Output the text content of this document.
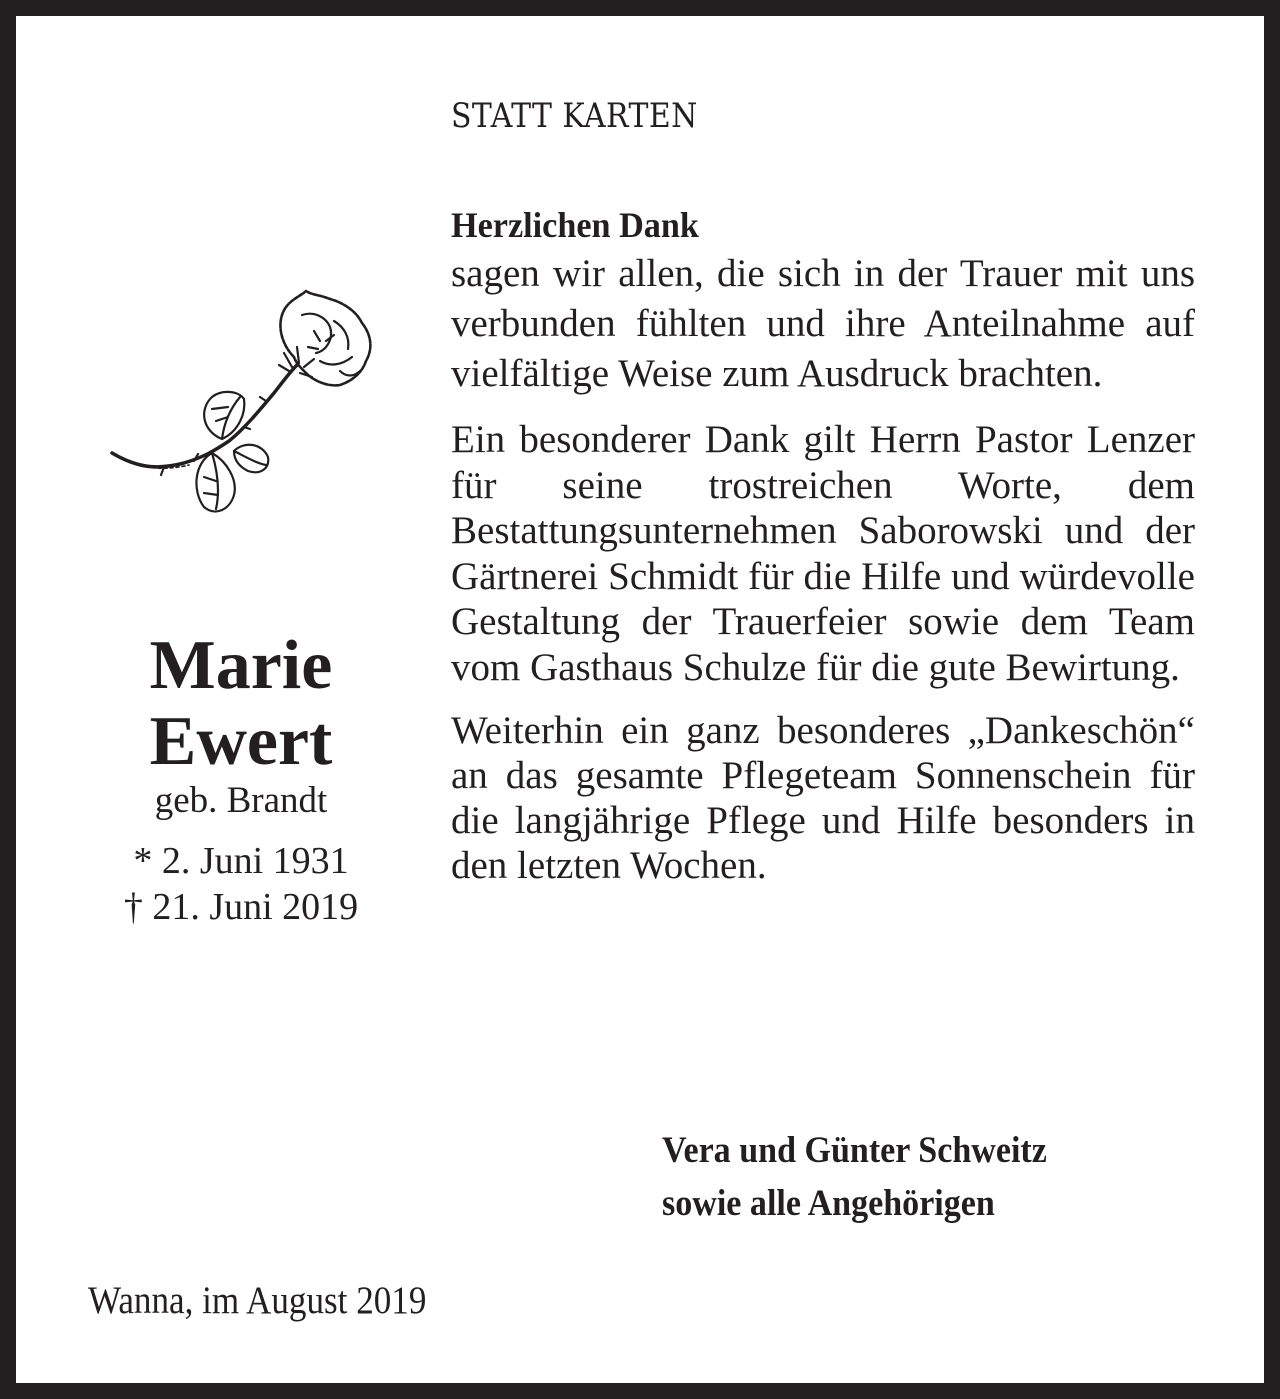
STATT KARTEN
Marie
Ewert
geb. Brandt
* 2. Juni 1931
† 21. Juni 2019
Herzlichen Dank

sagen wir allen, die sich in der Trauer mit uns verbunden fühlten und ihre Anteilnahme auf vielfältige Weise zum Ausdruck brachten.

Ein besonderer Dank gilt Herrn Pastor Lenzer für seine trostreichen Worte, dem Bestattungsunternehmen Saborowski und der Gärtnerei Schmidt für die Hilfe und würdevolle Gestaltung der Trauerfeier sowie dem Team vom Gasthaus Schulze für die gute Bewirtung.

Weiterhin ein ganz besonderes „Dankeschön“ an das gesamte Pflegeteam Sonnenschein für die langjährige Pflege und Hilfe besonders in den letzten Wochen.

Vera und Günter Schweitz
sowie alle Angehörigen
Wanna, im August 2019
